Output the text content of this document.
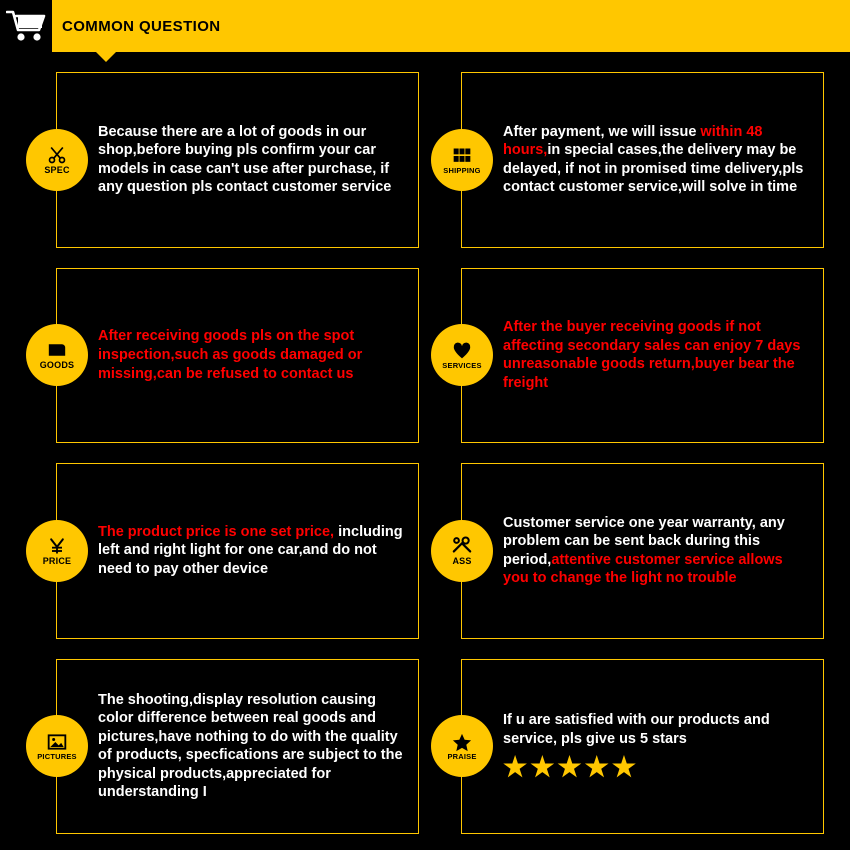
COMMON QUESTION
SPEC
Because there are a lot of goods in our shop,before buying pls confirm your car models in case can't use after purchase, if any question pls contact customer service
SHIPPING
After payment, we will issue within 48 hours,in special cases,the delivery may be delayed, if not in promised time delivery,pls contact customer service,will solve in time
GOODS
After receiving goods pls on the spot inspection,such as goods damaged or missing,can be refused to contact us
SERVICES
After the buyer receiving goods if not affecting secondary sales can enjoy 7 days unreasonable goods return,buyer bear the freight
PRICE
The product price is one set price, including left and right light for one car,and do not need to pay other device
ASS
Customer service one year warranty, any problem can be sent back during this period,attentive customer service allows you to change the light no trouble
PICTURES
The shooting,display resolution causing color difference between real goods and pictures,have nothing to do with the quality of products, specfications are subject to the physical products,appreciated for understanding I
PRAISE
If u are satisfied with our products and service, pls give us 5 stars
★★★★★
